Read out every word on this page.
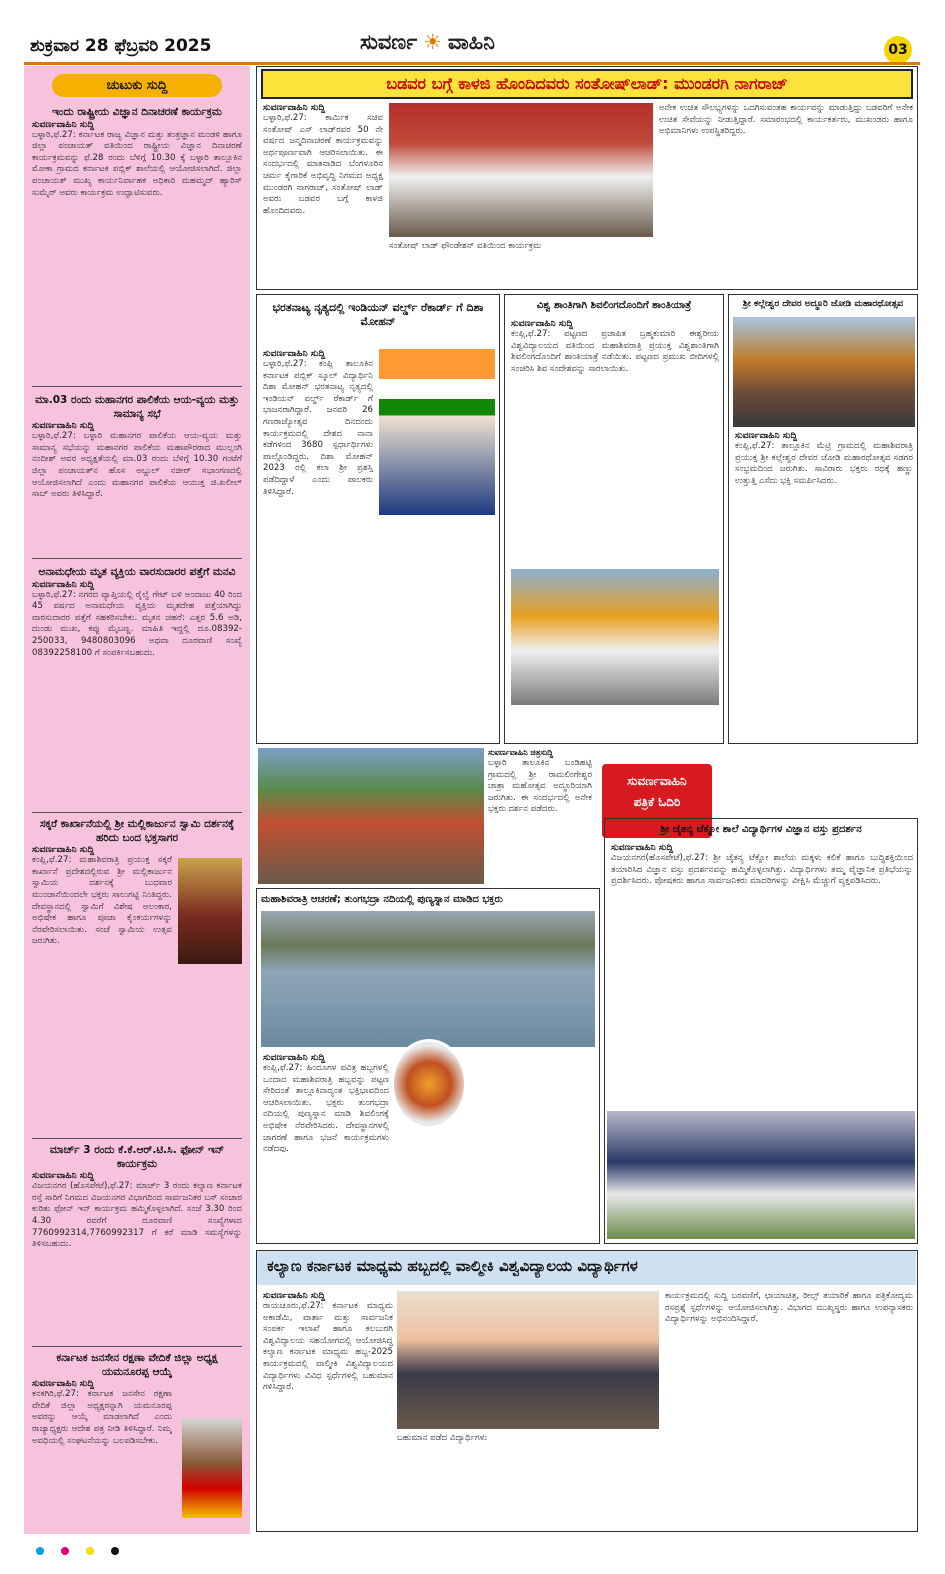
ಶುಕ್ರವಾರ 28 ಫೆಬ್ರವರಿ 2025	ಸುವರ್ಣ ☀ ವಾಹಿನಿ	03
ಚುಟುಕು ಸುದ್ದಿ
ಇಂದು ರಾಷ್ಟ್ರೀಯ ವಿಜ್ಞಾನ ದಿನಾಚರಣೆ ಕಾರ್ಯಕ್ರಮ
ಸುವರ್ಣವಾಹಿನಿ ಸುದ್ದಿ
ಬಳ್ಳಾರಿ,ಫೆ.27: ಕರ್ನಾಟಕ ರಾಜ್ಯ ವಿಜ್ಞಾನ ಮತ್ತು ತಂತ್ರಜ್ಞಾನ ಮಂಡಳಿ ಹಾಗೂ ಜಿಲ್ಲಾ ಪಂಚಾಯತ್ ವತಿಯಿಂದ ರಾಷ್ಟ್ರೀಯ ವಿಜ್ಞಾನ ದಿನಾಚರಣೆ ಕಾರ್ಯಕ್ರಮವನ್ನು ಫೆ.28 ರಂದು ಬೆಳಿಗ್ಗೆ 10.30 ಕ್ಕೆ ಬಳ್ಳಾರಿ ತಾಲ್ಲೂಕಿನ ಮೋಕಾ ಗ್ರಾಮದ ಕರ್ನಾಟಕ ಪಬ್ಲಿಕ್ ಶಾಲೆಯಲ್ಲಿ ಆಯೋಜಿಸಲಾಗಿದೆ. ಜಿಲ್ಲಾ ಪಂಚಾಯತ್ ಮುಖ್ಯ ಕಾರ್ಯನಿರ್ವಾಹಕ ಅಧಿಕಾರಿ ಮಹಮ್ಮದ್ ಹ್ಯಾರಿಸ್ ಸುಮೈರ್ ಅವರು ಕಾರ್ಯಕ್ರಮ ಉದ್ಘಾಟಿಸುವರು.
ಮಾ.03 ರಂದು ಮಹಾನಗರ ಪಾಲಿಕೆಯ ಆಯ-ವ್ಯಯ ಮತ್ತು ಸಾಮಾನ್ಯ ಸಭೆ
ಸುವರ್ಣವಾಹಿನಿ ಸುದ್ದಿ
ಬಳ್ಳಾರಿ,ಫೆ.27: ಬಳ್ಳಾರಿ ಮಹಾನಗರ ಪಾಲಿಕೆಯ ಆಯ-ವ್ಯಯ ಮತ್ತು ಸಾಮಾನ್ಯ ಸಭೆಯನ್ನು ಮಹಾನಗರ ಪಾಲಿಕೆಯ ಮಹಾಪೌರರಾದ ಮುಲ್ಲಂಗಿ ನಂದೀಶ್ ಅವರ ಅಧ್ಯಕ್ಷತೆಯಲ್ಲಿ ಮಾ.03 ರಂದು ಬೆಳಿಗ್ಗೆ 10.30 ಗಂಟೆಗೆ ಜಿಲ್ಲಾ ಪಂಚಾಯತ್‌ನ ಹೊಸ ಅಬ್ದುಲ್ ನಜೀರ್ ಸಭಾಂಗಣದಲ್ಲಿ ಆಯೋಜಿಸಲಾಗಿದೆ ಎಂದು ಮಹಾನಗರ ಪಾಲಿಕೆಯ ಆಯುಕ್ತ ಜಿ.ಖಲೀಲ್ ಸಾಬ್ ಅವರು ತಿಳಿಸಿದ್ದಾರೆ.
ಅನಾಮಧೇಯ ಮೃತ ವ್ಯಕ್ತಿಯ ವಾರಸುದಾರರ ಪತ್ತೆಗೆ ಮನವಿ
ಸುವರ್ಣವಾಹಿನಿ ಸುದ್ದಿ
ಬಳ್ಳಾರಿ,ಫೆ.27: ನಗರದ ವ್ಯಾಪ್ತಿಯಲ್ಲಿ ರೈಲ್ವೆ ಗೇಟ್ ಬಳಿ ಅಂದಾಜು 40 ರಿಂದ 45 ವರ್ಷದ ಅನಾಮಧೇಯ ವ್ಯಕ್ತಿಯ ಮೃತದೇಹ ಪತ್ತೆಯಾಗಿದ್ದು ವಾರಸುದಾರರ ಪತ್ತೆಗೆ ಸಹಕರಿಸಬೇಕು. ಮೃತನ ಚಹರೆ: ಎತ್ತರ 5.6 ಅಡಿ, ದುಂಡು ಮುಖ, ಕಪ್ಪು ಮೈಬಣ್ಣ. ಮಾಹಿತಿ ಇದ್ದಲ್ಲಿ ದೂ.08392-250033, 9480803096 ಅಥವಾ ದೂರವಾಣಿ ಸಂಖ್ಯೆ 08392258100 ಗೆ ಸಂಪರ್ಕಿಸಬಹುದು.
ಸಕ್ಕರೆ ಕಾರ್ಖಾನೆಯಲ್ಲಿ ಶ್ರೀ ಮಲ್ಲಿಕಾರ್ಜುನ ಸ್ವಾಮಿ ದರ್ಶನಕ್ಕೆ ಹರಿದು ಬಂದ ಭಕ್ತಸಾಗರ
ಸುವರ್ಣವಾಹಿನಿ ಸುದ್ದಿ
ಕಂಪ್ಲಿ,ಫೆ.27: ಮಹಾಶಿವರಾತ್ರಿ ಪ್ರಯುಕ್ತ ಸಕ್ಕರೆ ಕಾರ್ಖಾನೆ ಪ್ರದೇಶದಲ್ಲಿರುವ ಶ್ರೀ ಮಲ್ಲಿಕಾರ್ಜುನ ಸ್ವಾಮಿಯ ದರ್ಶನಕ್ಕೆ ಬುಧವಾರ ಮುಂಜಾನೆಯಿಂದಲೇ ಭಕ್ತರು ಸಾಲುಗಟ್ಟಿ ನಿಂತಿದ್ದರು. ದೇವಸ್ಥಾನದಲ್ಲಿ ಸ್ವಾಮಿಗೆ ವಿಶೇಷ ಅಲಂಕಾರ, ಅಭಿಷೇಕ ಹಾಗೂ ಪೂಜಾ ಕೈಂಕರ್ಯಗಳನ್ನು ನೆರವೇರಿಸಲಾಯಿತು. ಸಂಜೆ ಸ್ವಾಮಿಯ ಉತ್ಸವ ಜರುಗಿತು.
ಮಾರ್ಚ್ 3 ರಂದು ಕೆ.ಕೆ.ಆರ್.ಟಿ.ಸಿ. ಫೋನ್ ಇನ್ ಕಾರ್ಯಕ್ರಮ
ಸುವರ್ಣವಾಹಿನಿ ಸುದ್ದಿ
ವಿಜಯನಗರ (ಹೊಸಪೇಟೆ),ಫೆ.27: ಮಾರ್ಚ್ 3 ರಂದು ಕಲ್ಯಾಣ ಕರ್ನಾಟಕ ರಸ್ತೆ ಸಾರಿಗೆ ನಿಗಮದ ವಿಜಯನಗರ ವಿಭಾಗದಿಂದ ಸಾರ್ವಜನಿಕರ ಬಸ್ ಸಂಚಾರ ಕುರಿತು ಫೋನ್ ಇನ್ ಕಾರ್ಯಕ್ರಮ ಹಮ್ಮಿಕೊಳ್ಳಲಾಗಿದೆ. ಸಂಜೆ 3.30 ರಿಂದ 4.30 ರವರೆಗೆ ದೂರವಾಣಿ ಸಂಖ್ಯೆಗಳಾದ 7760992314,7760992317 ಗೆ ಕರೆ ಮಾಡಿ ಸಮಸ್ಯೆಗಳನ್ನು ತಿಳಿಸಬಹುದು.
ಕರ್ನಾಟಕ ಜನಸೇನ ರಕ್ಷಣಾ ವೇದಿಕೆ ಜಿಲ್ಲಾ ಅಧ್ಯಕ್ಷ ಯಮನೂರಪ್ಪ ಆಯ್ಕೆ
ಸುವರ್ಣವಾಹಿನಿ ಸುದ್ದಿ
ಕನಕಗಿರಿ,ಫೆ.27: ಕರ್ನಾಟಕ ಜನಸೇನ ರಕ್ಷಣಾ ವೇದಿಕೆ ಜಿಲ್ಲಾ ಅಧ್ಯಕ್ಷರನ್ನಾಗಿ ಯಮನೂರಪ್ಪ ಅವರನ್ನು ಆಯ್ಕೆ ಮಾಡಲಾಗಿದೆ ಎಂದು ರಾಜ್ಯಾಧ್ಯಕ್ಷರು ಆದೇಶ ಪತ್ರ ನೀಡಿ ತಿಳಿಸಿದ್ದಾರೆ. ನಿಮ್ಮ ಅವಧಿಯಲ್ಲಿ ಸಂಘಟನೆಯನ್ನು ಬಲಪಡಿಸಬೇಕು.
ಬಡವರ ಬಗ್ಗೆ ಕಾಳಜಿ ಹೊಂದಿದವರು ಸಂತೋಷ್‌ಲಾಡ್: ಮುಂಡರಗಿ ನಾಗರಾಜ್
ಸುವರ್ಣವಾಹಿನಿ ಸುದ್ದಿ
ಬಳ್ಳಾರಿ,ಫೆ.27: ಕಾರ್ಮಿಕ ಸಚಿವ ಸಂತೋಷ್ ಎಸ್ ಲಾಡ್‌ರವರ 50 ನೇ ವರ್ಷದ ಜನ್ಮದಿನಾಚರಣೆ ಕಾರ್ಯಕ್ರಮವನ್ನು ಅರ್ಥಪೂರ್ಣವಾಗಿ ಆಚರಿಸಲಾಯಿತು. ಈ ಸಂದರ್ಭದಲ್ಲಿ ಮಾತನಾಡಿದ ಬೆಂಗಳೂರಿನ ಚರ್ಮ ಕೈಗಾರಿಕೆ ಅಭಿವೃದ್ಧಿ ನಿಗಮದ ಅಧ್ಯಕ್ಷ ಮುಂಡರಗಿ ನಾಗರಾಜ್, ಸಂತೋಷ್ ಲಾಡ್ ಅವರು ಬಡವರ ಬಗ್ಗೆ ಕಾಳಜಿ ಹೊಂದಿದವರು.
ಸಂತೋಷ್ ಲಾಡ್ ಫೌಂಡೇಶನ್ ವತಿಯಿಂದ ಕಾರ್ಯಕ್ರಮ
ಅನೇಕ ಉಚಿತ ಸೌಲಭ್ಯಗಳನ್ನು ಒದಗಿಸುವಂತಹ ಕಾರ್ಯವನ್ನು ಮಾಡುತ್ತಿದ್ದು ಬಡವರಿಗೆ ಅನೇಕ ಉಚಿತ ಸೇವೆಯನ್ನು ನೀಡುತ್ತಿದ್ದಾರೆ. ಸಮಾರಂಭದಲ್ಲಿ ಕಾರ್ಯಕರ್ತರು, ಮುಖಂಡರು ಹಾಗೂ ಅಭಿಮಾನಿಗಳು ಉಪಸ್ಥಿತರಿದ್ದರು.
ಭರತನಾಟ್ಯ ನೃತ್ಯದಲ್ಲಿ ಇಂಡಿಯನ್ ವರ್ಲ್ಡ್ ರೆಕಾರ್ಡ್ ಗೆ ದಿಶಾ ಮೋಹನ್
ಸುವರ್ಣವಾಹಿನಿ ಸುದ್ದಿ
ಬಳ್ಳಾರಿ,ಫೆ.27: ಕಂಪ್ಲಿ ತಾಲೂಕಿನ ಕರ್ನಾಟಕ ಪಬ್ಲಿಕ್ ಸ್ಕೂಲ್ ವಿದ್ಯಾರ್ಥಿನಿ ದಿಶಾ ಮೋಹನ್ ಭರತನಾಟ್ಯ ನೃತ್ಯದಲ್ಲಿ ಇಂಡಿಯನ್ ವರ್ಲ್ಡ್ ರೆಕಾರ್ಡ್ ಗೆ ಭಾಜನರಾಗಿದ್ದಾರೆ. ಜನವರಿ 26 ಗಣರಾಜ್ಯೋತ್ಸವ ದಿನದಂದು ಕಾರ್ಯಕ್ರಮದಲ್ಲಿ ದೇಶದ ನಾನಾ ಕಡೆಗಳಿಂದ 3680 ಸ್ಪರ್ಧಾರ್ಥಿಗಳು ಪಾಲ್ಗೊಂಡಿದ್ದರು. ದಿಶಾ ಮೋಹನ್ 2023 ರಲ್ಲಿ ಕಲಾ ಶ್ರೀ ಪ್ರಶಸ್ತಿ ಪಡೆದಿದ್ದಾಳೆ ಎಂದು ಪಾಲಕರು ತಿಳಿಸಿದ್ದಾರೆ.
ವಿಶ್ವ ಶಾಂತಿಗಾಗಿ ಶಿವಲಿಂಗದೊಂದಿಗೆ ಶಾಂತಿಯಾತ್ರೆ
ಸುವರ್ಣವಾಹಿನಿ ಸುದ್ದಿ
ಕಂಪ್ಲಿ,ಫೆ.27: ಪಟ್ಟಣದ ಪ್ರಜಾಪಿತ ಬ್ರಹ್ಮಕುಮಾರಿ ಈಶ್ವರೀಯ ವಿಶ್ವವಿದ್ಯಾಲಯದ ವತಿಯಿಂದ ಮಹಾಶಿವರಾತ್ರಿ ಪ್ರಯುಕ್ತ ವಿಶ್ವಶಾಂತಿಗಾಗಿ ಶಿವಲಿಂಗದೊಂದಿಗೆ ಶಾಂತಿಯಾತ್ರೆ ನಡೆಯಿತು. ಪಟ್ಟಣದ ಪ್ರಮುಖ ಬೀದಿಗಳಲ್ಲಿ ಸಂಚರಿಸಿ ಶಿವ ಸಂದೇಶವನ್ನು ಸಾರಲಾಯಿತು.
ಶ್ರೀ ಕಲ್ಲೇಶ್ವರ ದೇವರ ಅದ್ಧೂರಿ ಜೋಡಿ ಮಹಾರಥೋತ್ಸವ
ಸುವರ್ಣವಾಹಿನಿ ಸುದ್ದಿ
ಕಂಪ್ಲಿ,ಫೆ.27: ತಾಲ್ಲೂಕಿನ ಮೆಟ್ರಿ ಗ್ರಾಮದಲ್ಲಿ ಮಹಾಶಿವರಾತ್ರಿ ಪ್ರಯುಕ್ತ ಶ್ರೀ ಕಲ್ಲೇಶ್ವರ ದೇವರ ಜೋಡಿ ಮಹಾರಥೋತ್ಸವ ಸಡಗರ ಸಂಭ್ರಮದಿಂದ ಜರುಗಿತು. ಸಾವಿರಾರು ಭಕ್ತರು ರಥಕ್ಕೆ ಹಣ್ಣು ಉತ್ತುತ್ತಿ ಎಸೆದು ಭಕ್ತಿ ಸಮರ್ಪಿಸಿದರು.
ಸುವರ್ಣವಾಹಿನಿ ಚಿತ್ರಸುದ್ದಿ
ಬಳ್ಳಾರಿ ತಾಲೂಕಿನ ಬಂಡಿಹಟ್ಟಿ ಗ್ರಾಮದಲ್ಲಿ ಶ್ರೀ ರಾಮಲಿಂಗೇಶ್ವರ ಜಾತ್ರಾ ಮಹೋತ್ಸವ ಅದ್ಧೂರಿಯಾಗಿ ಜರುಗಿತು. ಈ ಸಂದರ್ಭದಲ್ಲಿ ಅನೇಕ ಭಕ್ತರು ದರ್ಶನ ಪಡೆದರು.
ಸುವರ್ಣವಾಹಿನಿ
ಪತ್ರಿಕೆ ಓದಿರಿ
ಮಹಾಶಿವರಾತ್ರಿ ಆಚರಣೆ; ತುಂಗಭದ್ರಾ ನದಿಯಲ್ಲಿ ಪುಣ್ಯಸ್ನಾನ ಮಾಡಿದ ಭಕ್ತರು
ಸುವರ್ಣವಾಹಿನಿ ಸುದ್ದಿ
ಕಂಪ್ಲಿ,ಫೆ.27: ಹಿಂದೂಗಳ ಪವಿತ್ರ ಹಬ್ಬಗಳಲ್ಲಿ ಒಂದಾದ ಮಹಾಶಿವರಾತ್ರಿ ಹಬ್ಬವನ್ನು ಪಟ್ಟಣ ಸೇರಿದಂತೆ ತಾಲ್ಲೂಕಿನಾದ್ಯಂತ ಭಕ್ತಿಭಾವದಿಂದ ಆಚರಿಸಲಾಯಿತು. ಭಕ್ತರು ತುಂಗಭದ್ರಾ ನದಿಯಲ್ಲಿ ಪುಣ್ಯಸ್ನಾನ ಮಾಡಿ ಶಿವಲಿಂಗಕ್ಕೆ ಅಭಿಷೇಕ ನೆರವೇರಿಸಿದರು. ದೇವಸ್ಥಾನಗಳಲ್ಲಿ ಜಾಗರಣೆ ಹಾಗೂ ಭಜನೆ ಕಾರ್ಯಕ್ರಮಗಳು ನಡೆದವು.
ಶ್ರೀ ಚೈತನ್ಯ ಟೆಕ್ನೋ ಶಾಲೆ ವಿದ್ಯಾರ್ಥಿಗಳ ವಿಜ್ಞಾನ ವಸ್ತು ಪ್ರದರ್ಶನ
ಸುವರ್ಣವಾಹಿನಿ ಸುದ್ದಿ
ವಿಜಯನಗರ(ಹೊಸಪೇಟೆ),ಫೆ.27: ಶ್ರೀ ಚೈತನ್ಯ ಟೆಕ್ನೋ ಶಾಲೆಯ ಮಕ್ಕಳು ಕಲಿಕೆ ಹಾಗೂ ಬುದ್ಧಿಶಕ್ತಿಯಿಂದ ತಯಾರಿಸಿದ ವಿಜ್ಞಾನ ವಸ್ತು ಪ್ರದರ್ಶನವನ್ನು ಹಮ್ಮಿಕೊಳ್ಳಲಾಗಿತ್ತು. ವಿದ್ಯಾರ್ಥಿಗಳು ತಮ್ಮ ವೈಜ್ಞಾನಿಕ ಪ್ರತಿಭೆಯನ್ನು ಪ್ರದರ್ಶಿಸಿದರು. ಪೋಷಕರು ಹಾಗೂ ಸಾರ್ವಜನಿಕರು ಮಾದರಿಗಳನ್ನು ವೀಕ್ಷಿಸಿ ಮೆಚ್ಚುಗೆ ವ್ಯಕ್ತಪಡಿಸಿದರು.
ಕಲ್ಯಾಣ ಕರ್ನಾಟಕ ಮಾಧ್ಯಮ ಹಬ್ಬದಲ್ಲಿ ವಾಲ್ಮೀಕಿ ವಿಶ್ವವಿದ್ಯಾಲಯ ವಿದ್ಯಾರ್ಥಿಗಳ
ಸುವರ್ಣವಾಹಿನಿ ಸುದ್ದಿ
ರಾಯಚೂರು,ಫೆ.27: ಕರ್ನಾಟಕ ಮಾಧ್ಯಮ ಅಕಾಡೆಮಿ, ವಾರ್ತಾ ಮತ್ತು ಸಾರ್ವಜನಿಕ ಸಂಪರ್ಕ ಇಲಾಖೆ ಹಾಗೂ ಕಲಬುರಗಿ ವಿಶ್ವವಿದ್ಯಾಲಯ ಸಹಯೋಗದಲ್ಲಿ ಆಯೋಜಿಸಿದ್ದ ಕಲ್ಯಾಣ ಕರ್ನಾಟಕ ಮಾಧ್ಯಮ ಹಬ್ಬ-2025 ಕಾರ್ಯಕ್ರಮದಲ್ಲಿ ವಾಲ್ಮೀಕಿ ವಿಶ್ವವಿದ್ಯಾಲಯದ ವಿದ್ಯಾರ್ಥಿಗಳು ವಿವಿಧ ಸ್ಪರ್ಧೆಗಳಲ್ಲಿ ಬಹುಮಾನ ಗಳಿಸಿದ್ದಾರೆ.
ಬಹುಮಾನ ಪಡೆದ ವಿದ್ಯಾರ್ಥಿಗಳು
ಕಾರ್ಯಕ್ರಮದಲ್ಲಿ ಸುದ್ದಿ ಬರವಣಿಗೆ, ಛಾಯಾಚಿತ್ರ, ರೀಲ್ಸ್ ತಯಾರಿಕೆ ಹಾಗೂ ಪತ್ರಿಕೋದ್ಯಮ ರಸಪ್ರಶ್ನೆ ಸ್ಪರ್ಧೆಗಳನ್ನು ಆಯೋಜಿಸಲಾಗಿತ್ತು. ವಿಭಾಗದ ಮುಖ್ಯಸ್ಥರು ಹಾಗೂ ಉಪನ್ಯಾಸಕರು ವಿದ್ಯಾರ್ಥಿಗಳನ್ನು ಅಭಿನಂದಿಸಿದ್ದಾರೆ.
